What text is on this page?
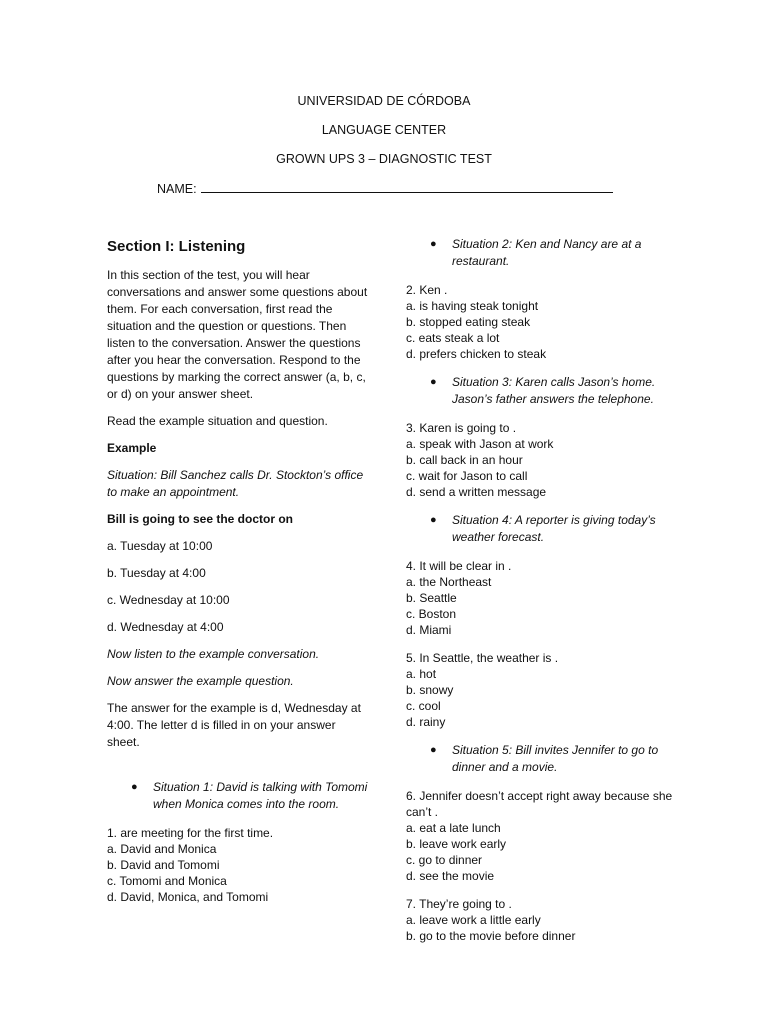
UNIVERSIDAD DE CÓRDOBA
LANGUAGE CENTER
GROWN UPS 3 – DIAGNOSTIC TEST
NAME:
Section I: Listening

In this section of the test, you will hear conversations and answer some questions about them. For each conversation, first read the situation and the question or questions. Then listen to the conversation. Answer the questions after you hear the conversation. Respond to the questions by marking the correct answer (a, b, c, or d) on your answer sheet.

Read the example situation and question.

Example

Situation: Bill Sanchez calls Dr. Stockton’s office to make an appointment.

Bill is going to see the doctor on

a. Tuesday at 10:00

b. Tuesday at 4:00

c. Wednesday at 10:00

d. Wednesday at 4:00

Now listen to the example conversation.

Now answer the example question.

The answer for the example is d, Wednesday at 4:00. The letter d is filled in on your answer sheet.

● Situation 1: David is talking with Tomomi when Monica comes into the room.
1. are meeting for the first time.
a. David and Monica
b. David and Tomomi
c. Tomomi and Monica
d. David, Monica, and Tomomi
● Situation 2: Ken and Nancy are at a restaurant.
2. Ken .
a. is having steak tonight
b. stopped eating steak
c. eats steak a lot
d. prefers chicken to steak
● Situation 3: Karen calls Jason’s home. Jason’s father answers the telephone.
3. Karen is going to .
a. speak with Jason at work
b. call back in an hour
c. wait for Jason to call
d. send a written message
● Situation 4: A reporter is giving today’s weather forecast.
4. It will be clear in .
a. the Northeast
b. Seattle
c. Boston
d. Miami
5. In Seattle, the weather is .
a. hot
b. snowy
c. cool
d. rainy
● Situation 5: Bill invites Jennifer to go to dinner and a movie.
6. Jennifer doesn’t accept right away because she can’t .
a. eat a late lunch
b. leave work early
c. go to dinner
d. see the movie
7. They’re going to .
a. leave work a little early
b. go to the movie before dinner
